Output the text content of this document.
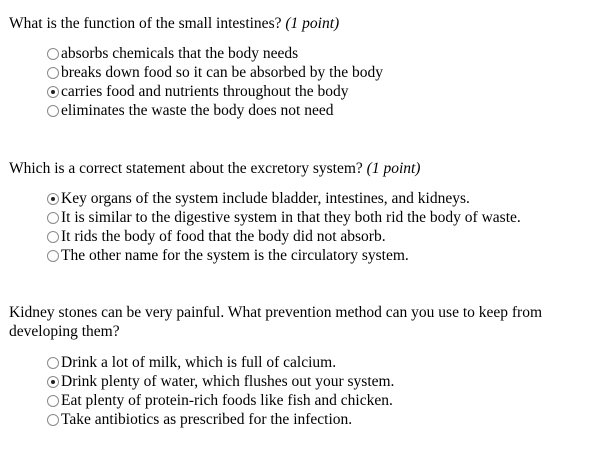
What is the function of the small intestines? (1 point)
absorbs chemicals that the body needs
breaks down food so it can be absorbed by the body
carries food and nutrients throughout the body
eliminates the waste the body does not need
Which is a correct statement about the excretory system? (1 point)
Key organs of the system include bladder, intestines, and kidneys.
It is similar to the digestive system in that they both rid the body of waste.
It rids the body of food that the body did not absorb.
The other name for the system is the circulatory system.
Kidney stones can be very painful. What prevention method can you use to keep from developing them?
Drink a lot of milk, which is full of calcium.
Drink plenty of water, which flushes out your system.
Eat plenty of protein-rich foods like fish and chicken.
Take antibiotics as prescribed for the infection.
